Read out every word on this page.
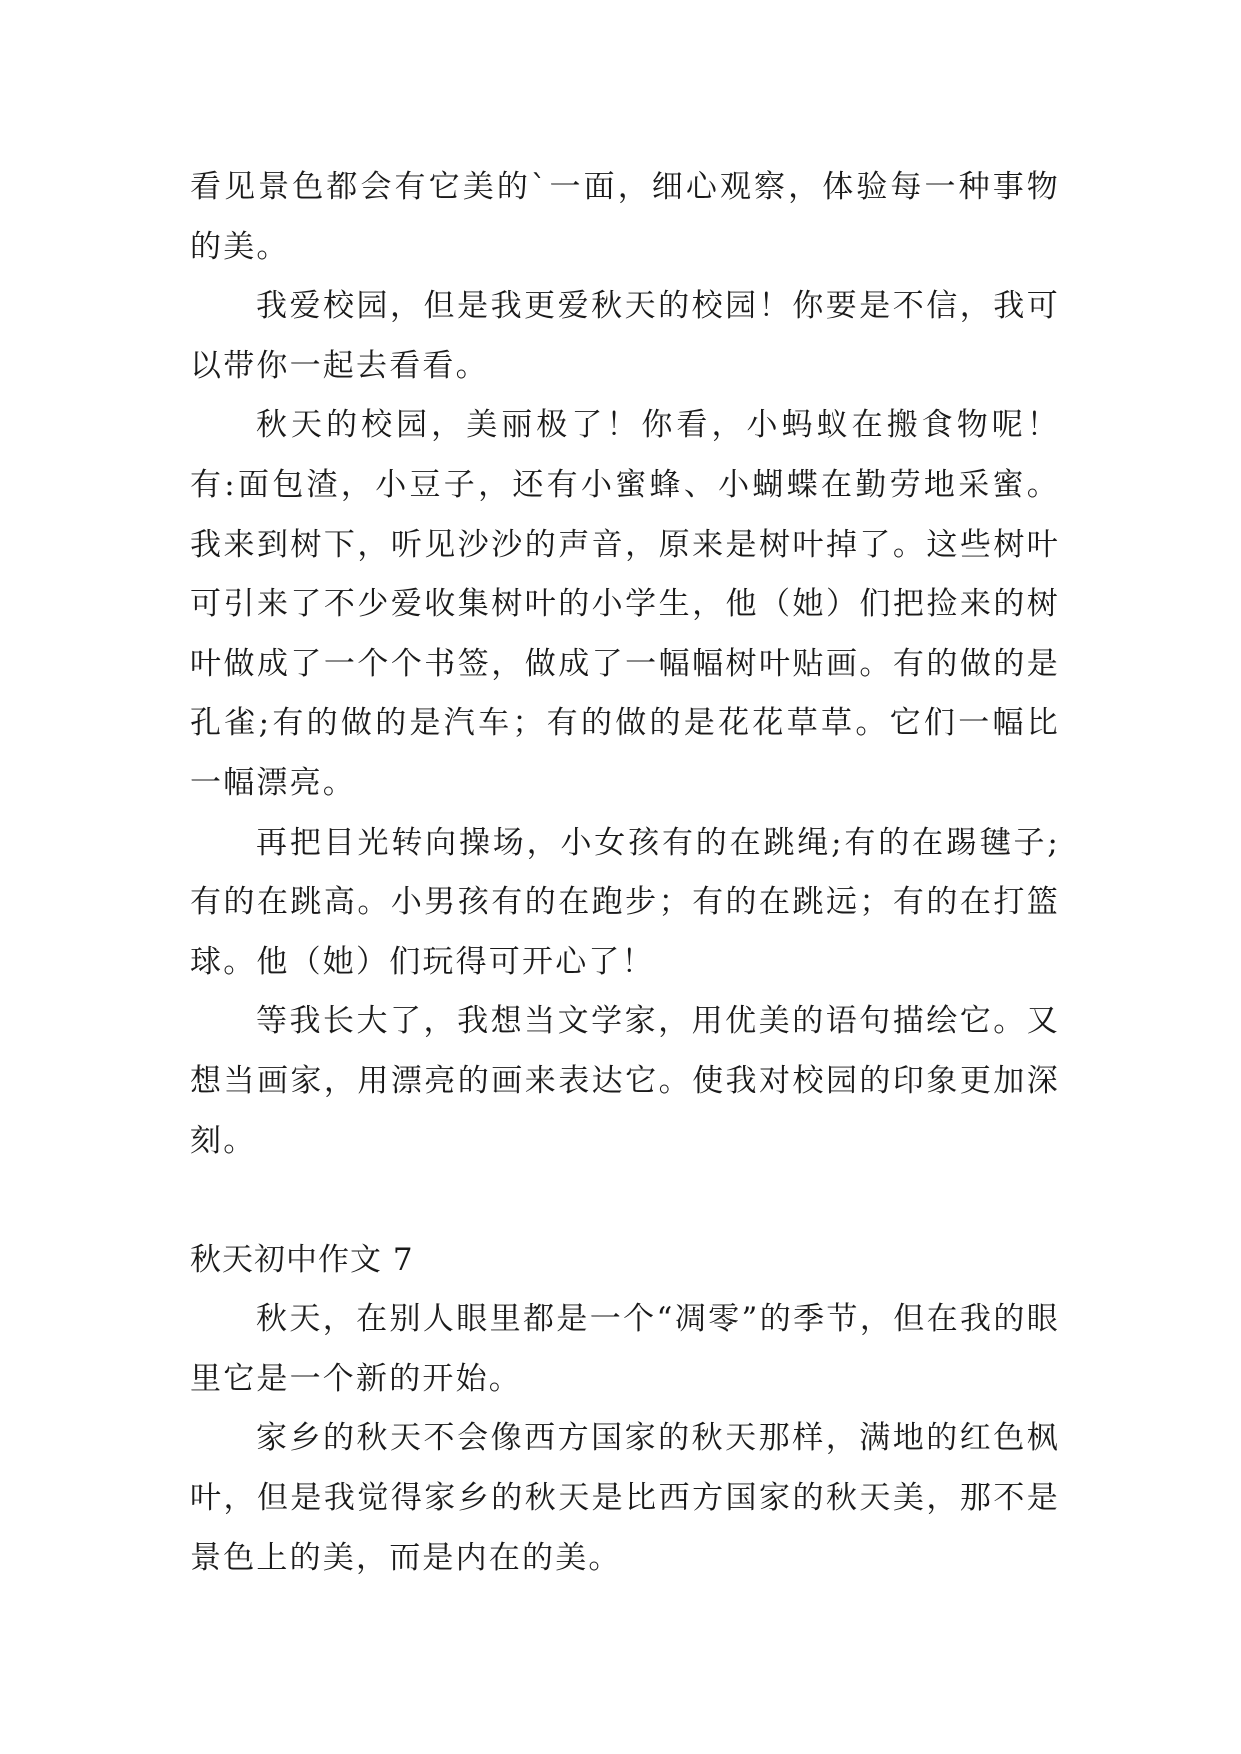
看见景色都会有它美的`一面，细心观察，体验每一种事物的美。

我爱校园，但是我更爱秋天的校园！你要是不信，我可以带你一起去看看。

秋天的校园，美丽极了！你看，小蚂蚁在搬食物呢！有:面包渣，小豆子，还有小蜜蜂、小蝴蝶在勤劳地采蜜。我来到树下，听见沙沙的声音，原来是树叶掉了。这些树叶可引来了不少爱收集树叶的小学生，他（她）们把捡来的树叶做成了一个个书签，做成了一幅幅树叶贴画。有的做的是孔雀;有的做的是汽车；有的做的是花花草草。它们一幅比一幅漂亮。

再把目光转向操场，小女孩有的在跳绳;有的在踢毽子;有的在跳高。小男孩有的在跑步；有的在跳远；有的在打篮球。他（她）们玩得可开心了！

等我长大了，我想当文学家，用优美的语句描绘它。又想当画家，用漂亮的画来表达它。使我对校园的印象更加深刻。

秋天初中作文 7

秋天，在别人眼里都是一个“凋零”的季节，但在我的眼里它是一个新的开始。

家乡的秋天不会像西方国家的秋天那样，满地的红色枫叶，但是我觉得家乡的秋天是比西方国家的秋天美，那不是景色上的美，而是内在的美。
